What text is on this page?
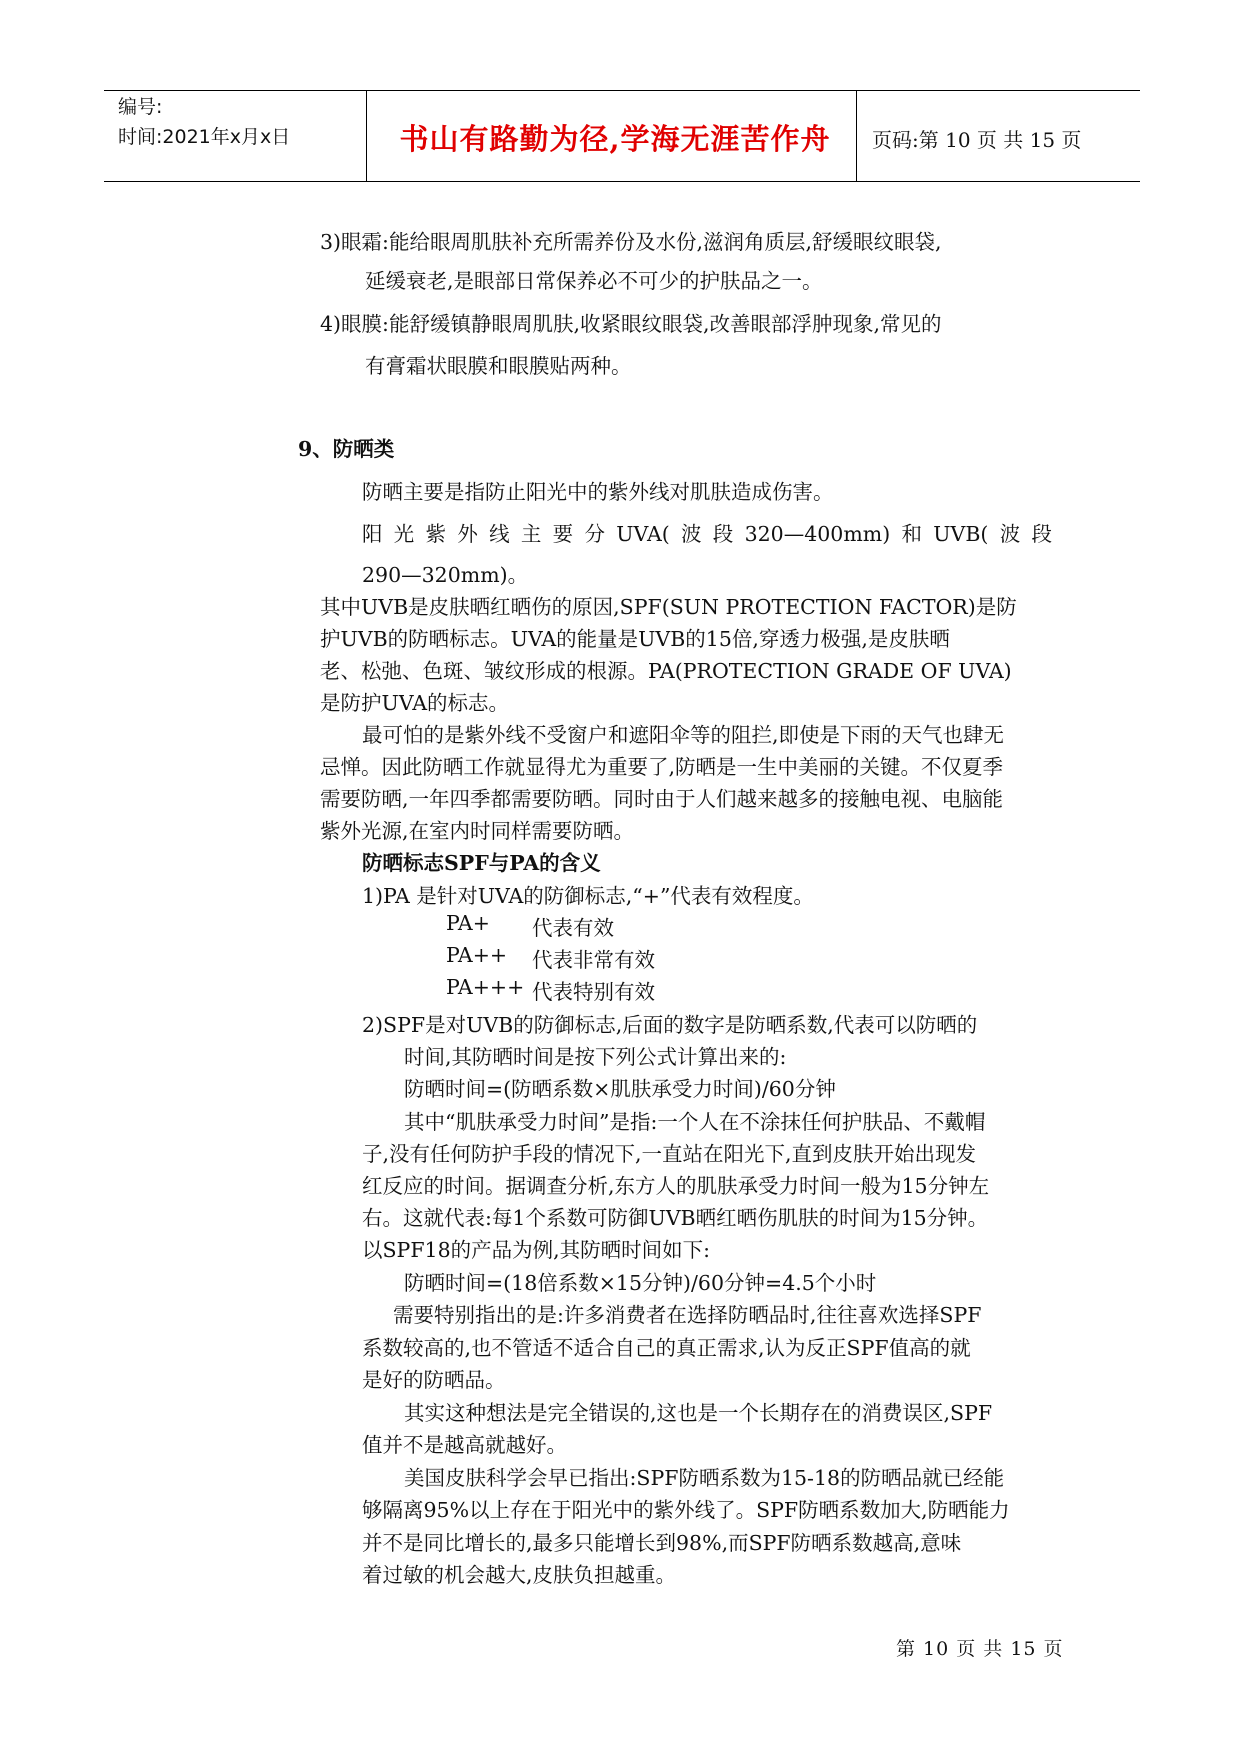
编号:
时间:2021年x月x日	书山有路勤为径,学海无涯苦作舟	页码:第 10 页 共 15 页
3)眼霜:能给眼周肌肤补充所需养份及水份,滋润角质层,舒缓眼纹眼袋,
延缓衰老,是眼部日常保养必不可少的护肤品之一。
4)眼膜:能舒缓镇静眼周肌肤,收紧眼纹眼袋,改善眼部浮肿现象,常见的
有膏霜状眼膜和眼膜贴两种。
9、防晒类
防晒主要是指防止阳光中的紫外线对肌肤造成伤害。
阳光紫外线主要分UVA(波段320—400mm)和UVB(波段
290—320mm)。
其中UVB是皮肤晒红晒伤的原因,SPF(SUN PROTECTION FACTOR)是防
护UVB的防晒标志。UVA的能量是UVB的15倍,穿透力极强,是皮肤晒
老、松弛、色斑、皱纹形成的根源。PA(PROTECTION GRADE OF UVA)
是防护UVA的标志。
最可怕的是紫外线不受窗户和遮阳伞等的阻拦,即使是下雨的天气也肆无
忌惮。因此防晒工作就显得尤为重要了,防晒是一生中美丽的关键。不仅夏季
需要防晒,一年四季都需要防晒。同时由于人们越来越多的接触电视、电脑能
紫外光源,在室内时同样需要防晒。
防晒标志SPF与PA的含义
1)PA 是针对UVA的防御标志,“+”代表有效程度。
PA+ 代表有效
PA++ 代表非常有效
PA+++ 代表特别有效
2)SPF是对UVB的防御标志,后面的数字是防晒系数,代表可以防晒的
时间,其防晒时间是按下列公式计算出来的:
防晒时间=(防晒系数×肌肤承受力时间)/60分钟
其中“肌肤承受力时间”是指:一个人在不涂抹任何护肤品、不戴帽
子,没有任何防护手段的情况下,一直站在阳光下,直到皮肤开始出现发
红反应的时间。据调查分析,东方人的肌肤承受力时间一般为15分钟左
右。这就代表:每1个系数可防御UVB晒红晒伤肌肤的时间为15分钟。
以SPF18的产品为例,其防晒时间如下:
防晒时间=(18倍系数×15分钟)/60分钟=4.5个小时
需要特别指出的是:许多消费者在选择防晒品时,往往喜欢选择SPF
系数较高的,也不管适不适合自己的真正需求,认为反正SPF值高的就
是好的防晒品。
其实这种想法是完全错误的,这也是一个长期存在的消费误区,SPF
值并不是越高就越好。
美国皮肤科学会早已指出:SPF防晒系数为15-18的防晒品就已经能
够隔离95%以上存在于阳光中的紫外线了。SPF防晒系数加大,防晒能力
并不是同比增长的,最多只能增长到98%,而SPF防晒系数越高,意味
着过敏的机会越大,皮肤负担越重。
第 10 页 共 15 页
